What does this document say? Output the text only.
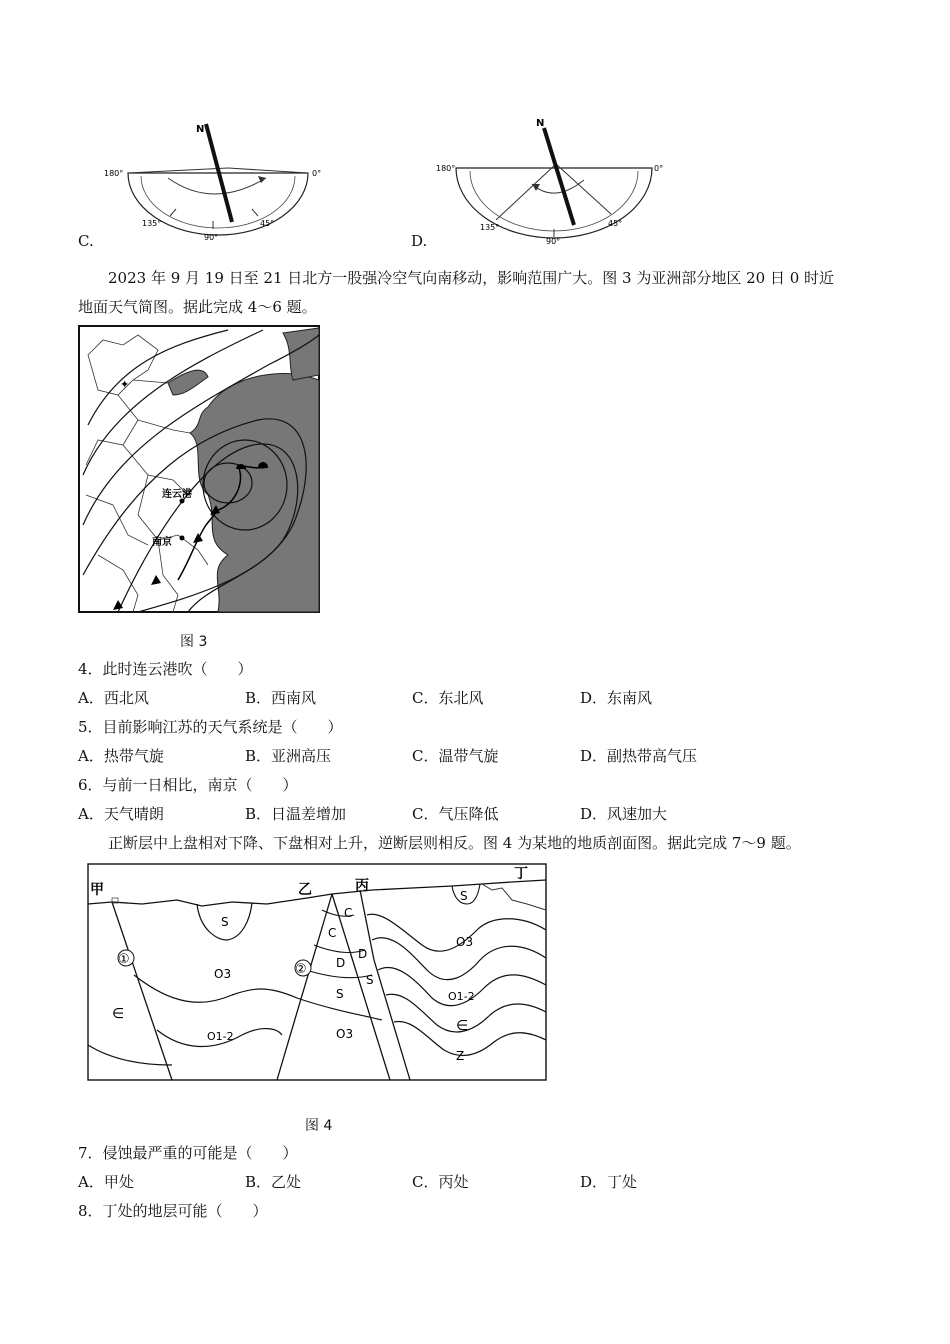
C.
N
180°	0°
135°
90°
45°
D.
N
180°	0°
135°
90°
45°
2023 年 9 月 19 日至 21 日北方一股强冷空气向南移动，影响范围广大。图 3 为亚洲部分地区 20 日 0 时近
地面天气简图。据此完成 4～6 题。
✦
连云港
南京
图 3
4．此时连云港吹（　　）
A．西北风	B．西南风	C．东北风	D．东南风
5．目前影响江苏的天气系统是（　　）
A．热带气旋	B．亚洲高压	C．温带气旋	D．副热带高气压
6．与前一日相比，南京（　　）
A．天气晴朗	B．日温差增加	C．气压降低	D．风速加大
正断层中上盘相对下降、下盘相对上升，逆断层则相反。图 4 为某地的地质剖面图。据此完成 7～9 题。
甲	乙	丙
丁
①
②
S
S
O3
∈
O1-2
C
C
D
D
S
S
O3
O3
O1-2
∈
Z
图 4
7．侵蚀最严重的可能是（　　）
A．甲处	B．乙处	C．丙处	D．丁处
8．丁处的地层可能（　　）
